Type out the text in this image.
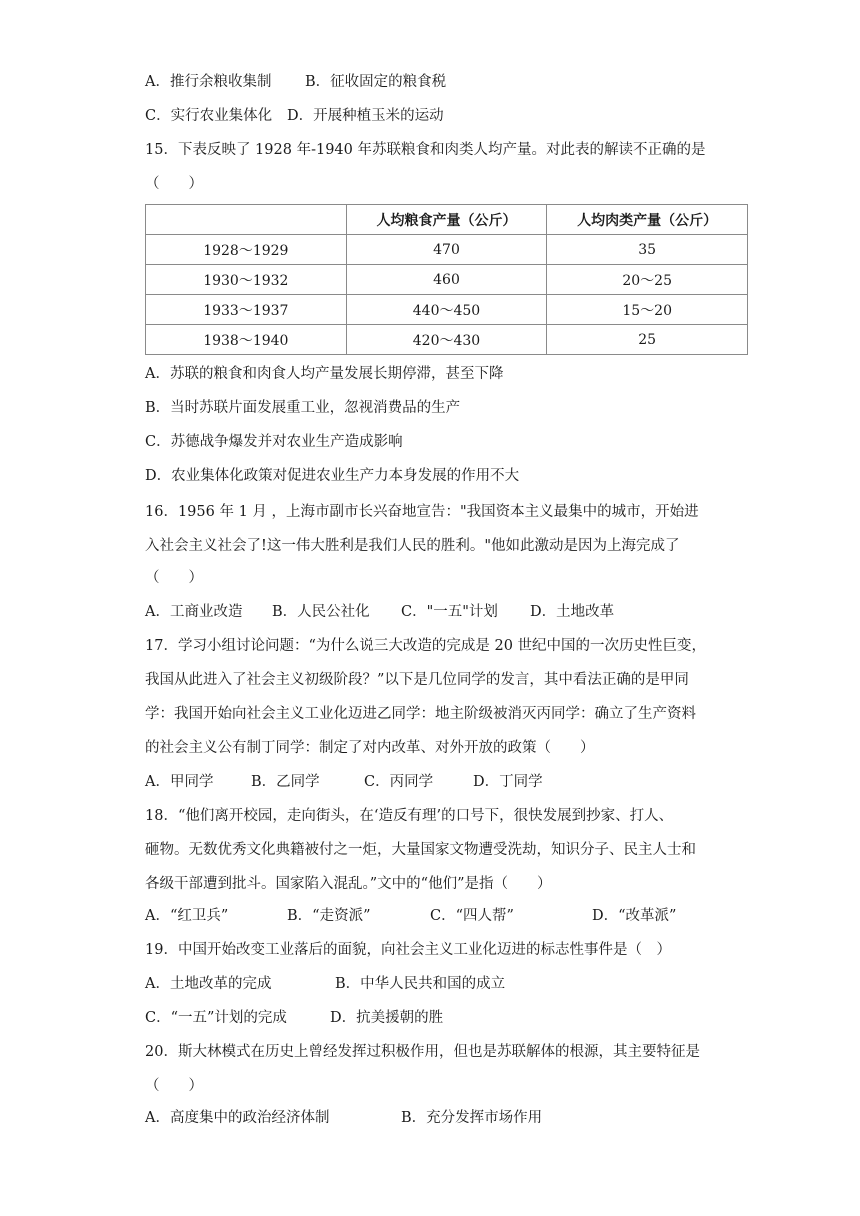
A．推行余粮收集制 B．征收固定的粮食税
C．实行农业集体化 D．开展种植玉米的运动
15．下表反映了 1928 年-1940 年苏联粮食和肉类人均产量。对此表的解读不正确的是
（　　）
	人均粮食产量（公斤）	人均肉类产量（公斤）
1928～1929	470	35
1930～1932	460	20～25
1933～1937	440～450	15～20
1938～1940	420～430	25
A．苏联的粮食和肉食人均产量发展长期停滞，甚至下降
B．当时苏联片面发展重工业，忽视消费品的生产
C．苏德战争爆发并对农业生产造成影响
D．农业集体化政策对促进农业生产力本身发展的作用不大
16．1956 年 1 月 ，上海市副市长兴奋地宣告："我国资本主义最集中的城市，开始进
入社会主义社会了!这一伟大胜利是我们人民的胜利。"他如此激动是因为上海完成了
（　　）
A．工商业改造 B．人民公社化 C．"一五"计划 D．土地改革
17．学习小组讨论问题：“为什么说三大改造的完成是 20 世纪中国的一次历史性巨变，
我国从此进入了社会主义初级阶段？”以下是几位同学的发言，其中看法正确的是甲同
学：我国开始向社会主义工业化迈进乙同学：地主阶级被消灭丙同学：确立了生产资料
的社会主义公有制丁同学：制定了对内改革、对外开放的政策（　　）
A．甲同学	B．乙同学	C．丙同学	D．丁同学
18．“他们离开校园，走向街头，在‘造反有理’的口号下，很快发展到抄家、打人、
砸物。无数优秀文化典籍被付之一炬，大量国家文物遭受洗劫，知识分子、民主人士和
各级干部遭到批斗。国家陷入混乱。”文中的“他们”是指（　　）
A．“红卫兵”	B．“走资派”	C．“四人帮”	D．“改革派”
19．中国开始改变工业落后的面貌，向社会主义工业化迈进的标志性事件是（　）
A．土地改革的完成	B．中华人民共和国的成立
C．“一五”计划的完成	D．抗美援朝的胜
20．斯大林模式在历史上曾经发挥过积极作用，但也是苏联解体的根源，其主要特征是
（　　）
A．高度集中的政治经济体制	B．充分发挥市场作用
